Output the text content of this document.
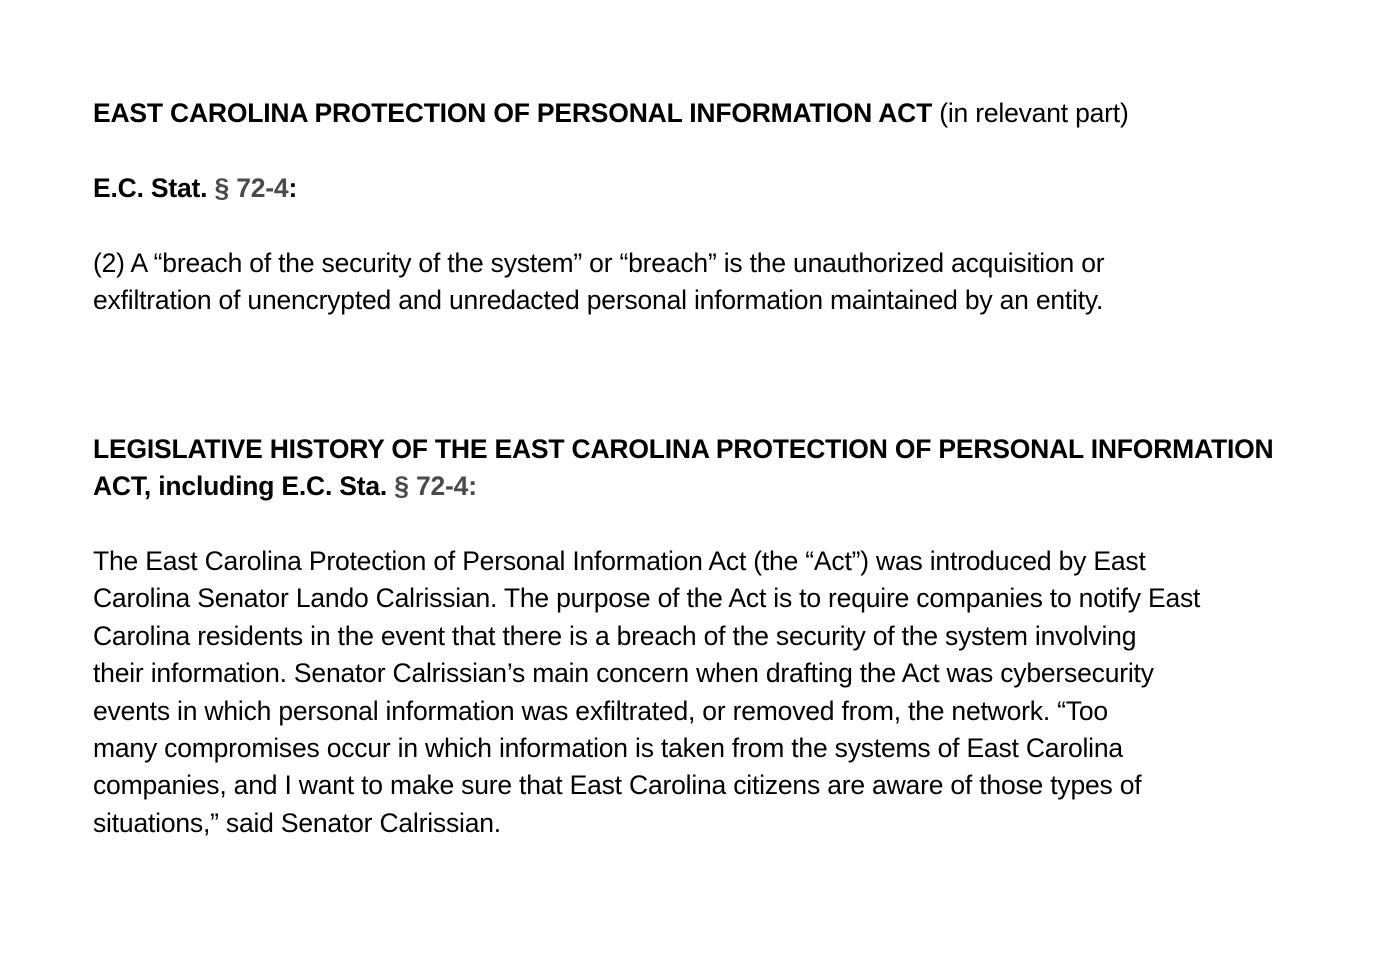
EAST CAROLINA PROTECTION OF PERSONAL INFORMATION ACT (in relevant part)
E.C. Stat. § 72-4:
(2) A “breach of the security of the system” or “breach” is the unauthorized acquisition or
exfiltration of unencrypted and unredacted personal information maintained by an entity.
LEGISLATIVE HISTORY OF THE EAST CAROLINA PROTECTION OF PERSONAL INFORMATION
ACT, including E.C. Sta. § 72-4:
The East Carolina Protection of Personal Information Act (the “Act”) was introduced by East
Carolina Senator Lando Calrissian. The purpose of the Act is to require companies to notify East
Carolina residents in the event that there is a breach of the security of the system involving
their information. Senator Calrissian’s main concern when drafting the Act was cybersecurity
events in which personal information was exfiltrated, or removed from, the network. “Too
many compromises occur in which information is taken from the systems of East Carolina
companies, and I want to make sure that East Carolina citizens are aware of those types of
situations,” said Senator Calrissian.
